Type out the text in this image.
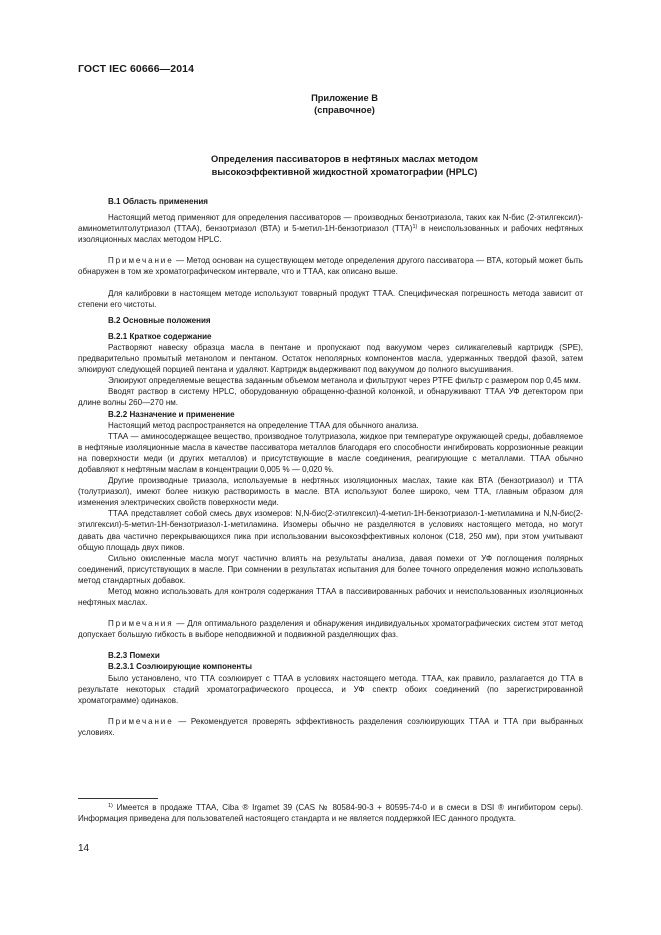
ГОСТ IEC 60666—2014
Приложение В
(справочное)
Определения пассиваторов в нефтяных маслах методом
высокоэффективной жидкостной хроматографии (HPLC)

В.1 Область применения

Настоящий метод применяют для определения пассиваторов — производных бензотриазола, таких как N-бис (2-этилгексил)-аминометилтолутриазол (ТТАА), бензотриазол (ВТА) и 5-метил-1Н-бензотриазол (ТТА)$^{1)}$ в неиспользованных и рабочих нефтяных изоляционных маслах методом HPLC.

Примечание — Метод основан на существующем методе определения другого пассиватора — ВТА, который может быть обнаружен в том же хроматографическом интервале, что и ТТАА, как описано выше.

Для калибровки в настоящем методе используют товарный продукт ТТАА. Специфическая погрешность метода зависит от степени его чистоты.

В.2 Основные положения

В.2.1 Краткое содержание

Растворяют навеску образца масла в пентане и пропускают под вакуумом через силикагелевый картридж (SPE), предварительно промытый метанолом и пентаном. Остаток неполярных компонентов масла, удержанных твердой фазой, затем элюируют следующей порцией пентана и удаляют. Картридж выдерживают под вакуумом до полного высушивания.

Элюируют определяемые вещества заданным объемом метанола и фильтруют через PTFE фильтр с размером пор 0,45 мкм.

Вводят раствор в систему HPLC, оборудованную обращенно-фазной колонкой, и обнаруживают ТТАА УФ детектором при длине волны 260—270 нм.

В.2.2 Назначение и применение

Настоящий метод распространяется на определение ТТАА для обычного анализа.

ТТАА — аминосодержащее вещество, производное толутриазола, жидкое при температуре окружающей среды, добавляемое в нефтяные изоляционные масла в качестве пассиватора металлов благодаря его способности ингибировать коррозионные реакции на поверхности меди (и других металлов) и присутствующие в масле соединения, реагирующие с металлами. ТТАА обычно добавляют к нефтяным маслам в концентрации 0,005 % — 0,020 %.

Другие производные триазола, используемые в нефтяных изоляционных маслах, такие как ВТА (бензотриазол) и ТТА (толутриазол), имеют более низкую растворимость в масле. ВТА используют более широко, чем ТТА, главным образом для изменения электрических свойств поверхности меди.

ТТАА представляет собой смесь двух изомеров: N,N-бис(2-этилгексил)-4-метил-1Н-бензотриазол-1-метиламина и N,N-бис(2-этилгексил)-5-метил-1Н-бензотриазол-1-метиламина. Изомеры обычно не разделяются в условиях настоящего метода, но могут давать два частично перекрывающихся пика при использовании высокоэффективных колонок (С18, 250 мм), при этом учитывают общую площадь двух пиков.

Сильно окисленные масла могут частично влиять на результаты анализа, давая помехи от УФ поглощения полярных соединений, присутствующих в масле. При сомнении в результатах испытания для более точного определения можно использовать метод стандартных добавок.

Метод можно использовать для контроля содержания ТТАА в пассивированных рабочих и неиспользованных изоляционных нефтяных маслах.

Примечания — Для оптимального разделения и обнаружения индивидуальных хроматографических систем этот метод допускает большую гибкость в выборе неподвижной и подвижной разделяющих фаз.

В.2.3 Помехи

В.2.3.1 Соэлюирующие компоненты

Было установлено, что ТТА соэлюирует с ТТАА в условиях настоящего метода. ТТАА, как правило, разлагается до ТТА в результате некоторых стадий хроматографического процесса, и УФ спектр обоих соединений (по зарегистрированной хроматограмме) одинаков.

Примечание — Рекомендуется проверять эффективность разделения соэлюирующих ТТАА и ТТА при выбранных условиях.

$^{1)}$ Имеется в продаже ТТАА, Ciba ® Irgamet 39 (CAS № 80584-90-3 + 80595-74-0 и в смеси в DSI ® ингибитором серы). Информация приведена для пользователей настоящего стандарта и не является поддержкой IEC данного продукта.
14
